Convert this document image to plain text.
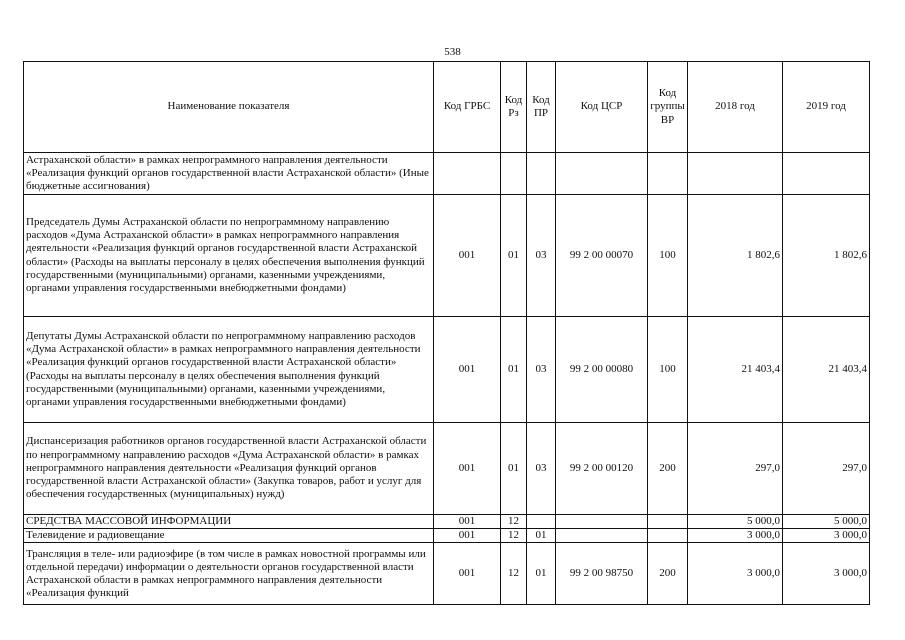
538
Наименование показателя	Код ГРБС	Код Рз	Код ПР	Код ЦСР	Код группы ВР	2018 год	2019 год
Астраханской области» в рамках непрограммного направления деятельности «Реализация функций органов государственной власти Астраханской области» (Иные бюджетные ассигнования)							
Председатель Думы Астраханской области по непрограммному направлению расходов «Дума Астраханской области» в рамках непрограммного направления деятельности «Реализация функций органов государственной власти Астраханской области» (Расходы на выплаты персоналу в целях обеспечения выполнения функций государственными (муниципальными) органами, казенными учреждениями, органами управления государственными внебюджетными фондами)	001	01	03	99 2 00 00070	100	1 802,6	1 802,6
Депутаты Думы Астраханской области по непрограммному направлению расходов «Дума Астраханской области» в рамках непрограммного направления деятельности «Реализация функций органов государственной власти Астраханской области» (Расходы на выплаты персоналу в целях обеспечения выполнения функций государственными (муниципальными) органами, казенными учреждениями, органами управления государственными внебюджетными фондами)	001	01	03	99 2 00 00080	100	21 403,4	21 403,4
Диспансеризация работников органов государственной власти Астраханской области по непрограммному направлению расходов «Дума Астраханской области» в рамках непрограммного направления деятельности «Реализация функций органов государственной власти Астраханской области» (Закупка товаров, работ и услуг для обеспечения государственных (муниципальных) нужд)	001	01	03	99 2 00 00120	200	297,0	297,0
СРЕДСТВА МАССОВОЙ ИНФОРМАЦИИ	001	12				5 000,0	5 000,0
Телевидение и радиовещание	001	12	01			3 000,0	3 000,0
Трансляция в теле- или радиоэфире (в том числе в рамках новостной программы или отдельной передачи) информации о деятельности органов государственной власти Астраханской области в рамках непрограммного направления деятельности «Реализация функций	001	12	01	99 2 00 98750	200	3 000,0	3 000,0
